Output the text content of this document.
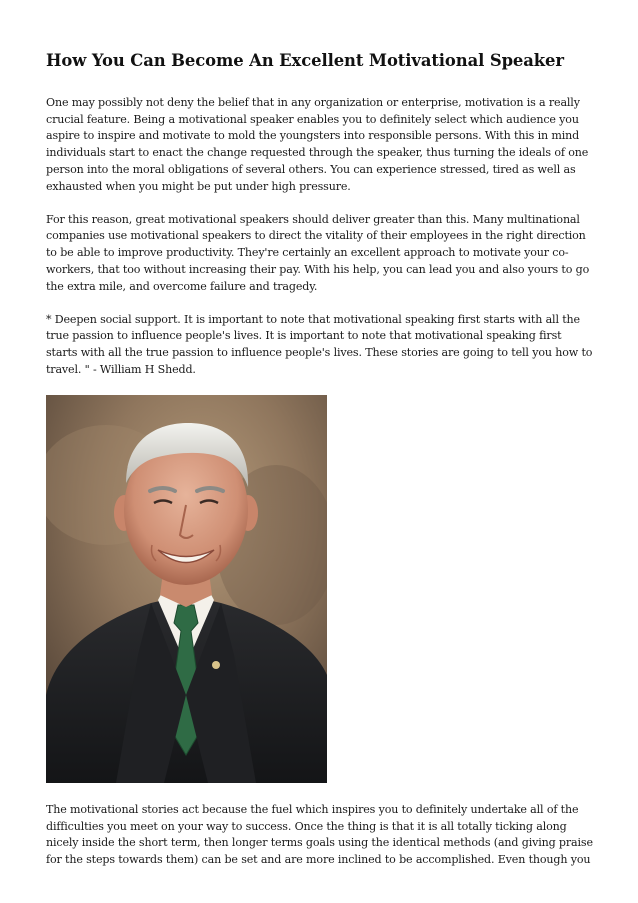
How You Can Become An Excellent Motivational Speaker

One may possibly not deny the belief that in any organization or enterprise, motivation is a really crucial feature. Being a motivational speaker enables you to definitely select which audience you aspire to inspire and motivate to mold the youngsters into responsible persons. With this in mind individuals start to enact the change requested through the speaker, thus turning the ideals of one person into the moral obligations of several others. You can experience stressed, tired as well as exhausted when you might be put under high pressure.

For this reason, great motivational speakers should deliver greater than this. Many multinational companies use motivational speakers to direct the vitality of their employees in the right direction to be able to improve productivity. They're certainly an excellent approach to motivate your co-workers, that too without increasing their pay. With his help, you can lead you and also yours to go the extra mile, and overcome failure and tragedy.

* Deepen social support. It is important to note that motivational speaking first starts with all the true passion to influence people's lives. It is important to note that motivational speaking first starts with all the true passion to influence people's lives. These stories are going to tell you how to travel. " - William H Shedd.

The motivational stories act because the fuel which inspires you to definitely undertake all of the difficulties you meet on your way to success. Once the thing is that it is all totally ticking along nicely inside the short term, then longer terms goals using the identical methods (and giving praise for the steps towards them) can be set and are more inclined to be accomplished. Even though you
